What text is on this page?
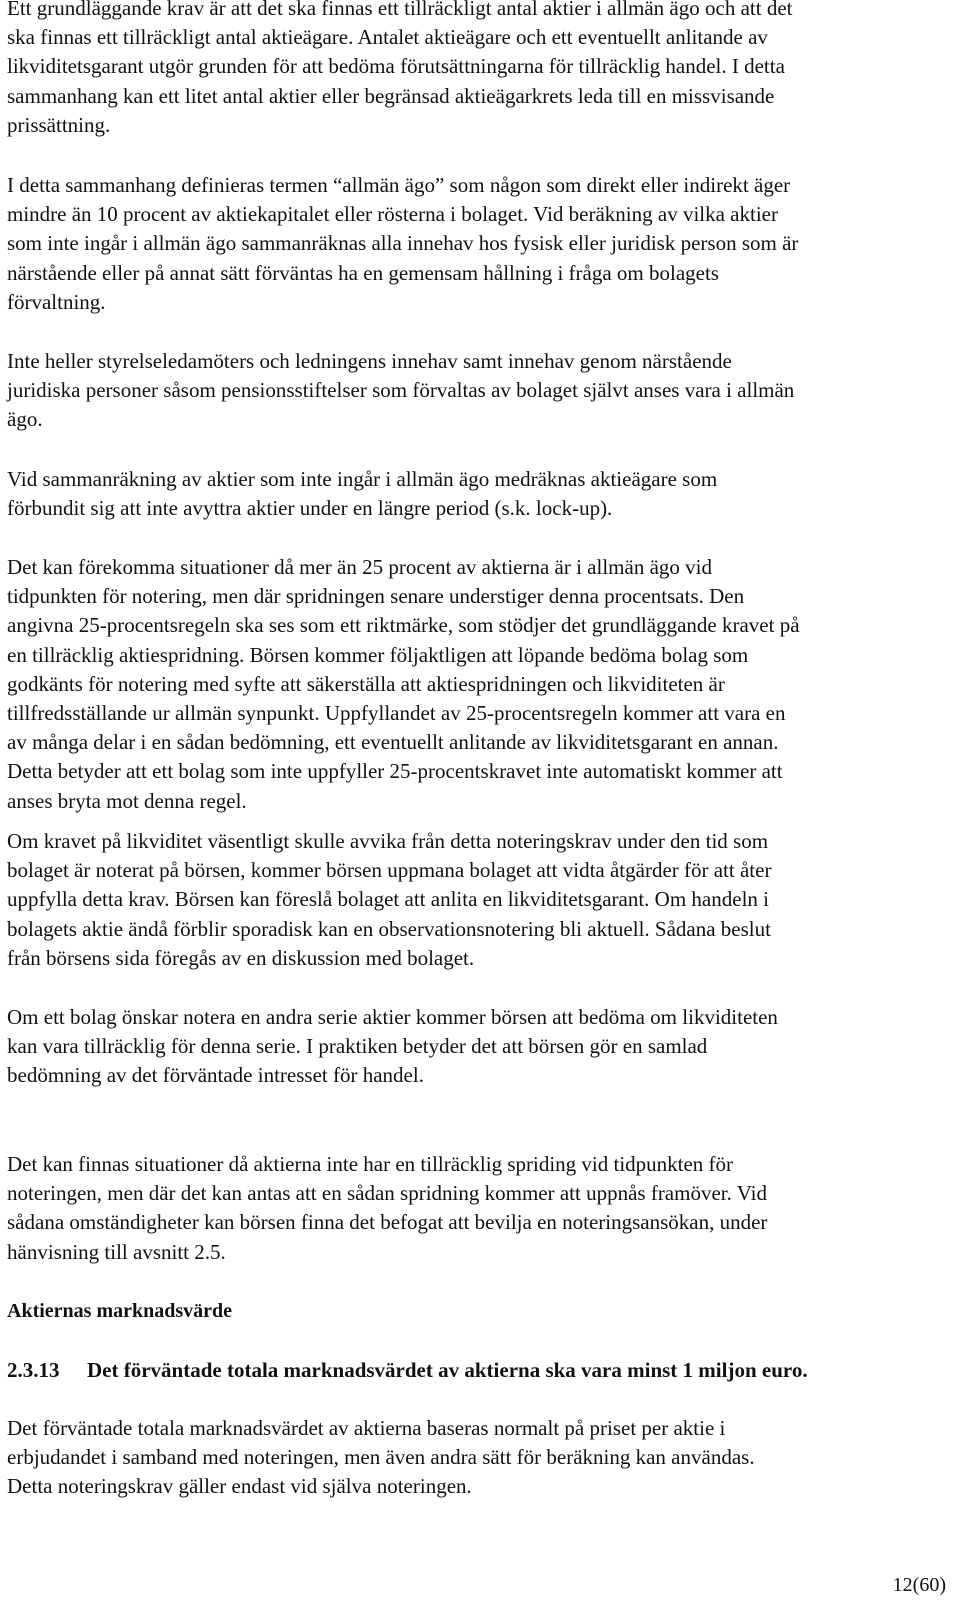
Ett grundläggande krav är att det ska finnas ett tillräckligt antal aktier i allmän ägo och att det
ska finnas ett tillräckligt antal aktieägare. Antalet aktieägare och ett eventuellt anlitande av
likviditetsgarant utgör grunden för att bedöma förutsättningarna för tillräcklig handel. I detta
sammanhang kan ett litet antal aktier eller begränsad aktieägarkrets leda till en missvisande
prissättning.

I detta sammanhang definieras termen “allmän ägo” som någon som direkt eller indirekt äger
mindre än 10 procent av aktiekapitalet eller rösterna i bolaget. Vid beräkning av vilka aktier
som inte ingår i allmän ägo sammanräknas alla innehav hos fysisk eller juridisk person som är
närstående eller på annat sätt förväntas ha en gemensam hållning i fråga om bolagets
förvaltning.

Inte heller styrelseledamöters och ledningens innehav samt innehav genom närstående
juridiska personer såsom pensionsstiftelser som förvaltas av bolaget självt anses vara i allmän
ägo.

Vid sammanräkning av aktier som inte ingår i allmän ägo medräknas aktieägare som
förbundit sig att inte avyttra aktier under en längre period (s.k. lock-up).

Det kan förekomma situationer då mer än 25 procent av aktierna är i allmän ägo vid
tidpunkten för notering, men där spridningen senare understiger denna procentsats. Den
angivna 25-procentsregeln ska ses som ett riktmärke, som stödjer det grundläggande kravet på
en tillräcklig aktiespridning. Börsen kommer följaktligen att löpande bedöma bolag som
godkänts för notering med syfte att säkerställa att aktiespridningen och likviditeten är
tillfredsställande ur allmän synpunkt. Uppfyllandet av 25-procentsregeln kommer att vara en
av många delar i en sådan bedömning, ett eventuellt anlitande av likviditetsgarant en annan.
Detta betyder att ett bolag som inte uppfyller 25-procentskravet inte automatiskt kommer att
anses bryta mot denna regel.

Om kravet på likviditet väsentligt skulle avvika från detta noteringskrav under den tid som
bolaget är noterat på börsen, kommer börsen uppmana bolaget att vidta åtgärder för att åter
uppfylla detta krav. Börsen kan föreslå bolaget att anlita en likviditetsgarant. Om handeln i
bolagets aktie ändå förblir sporadisk kan en observationsnotering bli aktuell. Sådana beslut
från börsens sida föregås av en diskussion med bolaget.

Om ett bolag önskar notera en andra serie aktier kommer börsen att bedöma om likviditeten
kan vara tillräcklig för denna serie. I praktiken betyder det att börsen gör en samlad
bedömning av det förväntade intresset för handel.

Det kan finnas situationer då aktierna inte har en tillräcklig spriding vid tidpunkten för
noteringen, men där det kan antas att en sådan spridning kommer att uppnås framöver. Vid
sådana omständigheter kan börsen finna det befogat att bevilja en noteringsansökan, under
hänvisning till avsnitt 2.5.

Aktiernas marknadsvärde

2.3.13 Det förväntade totala marknadsvärdet av aktierna ska vara minst 1 miljon euro.

Det förväntade totala marknadsvärdet av aktierna baseras normalt på priset per aktie i
erbjudandet i samband med noteringen, men även andra sätt för beräkning kan användas.
Detta noteringskrav gäller endast vid själva noteringen.

12(60)
